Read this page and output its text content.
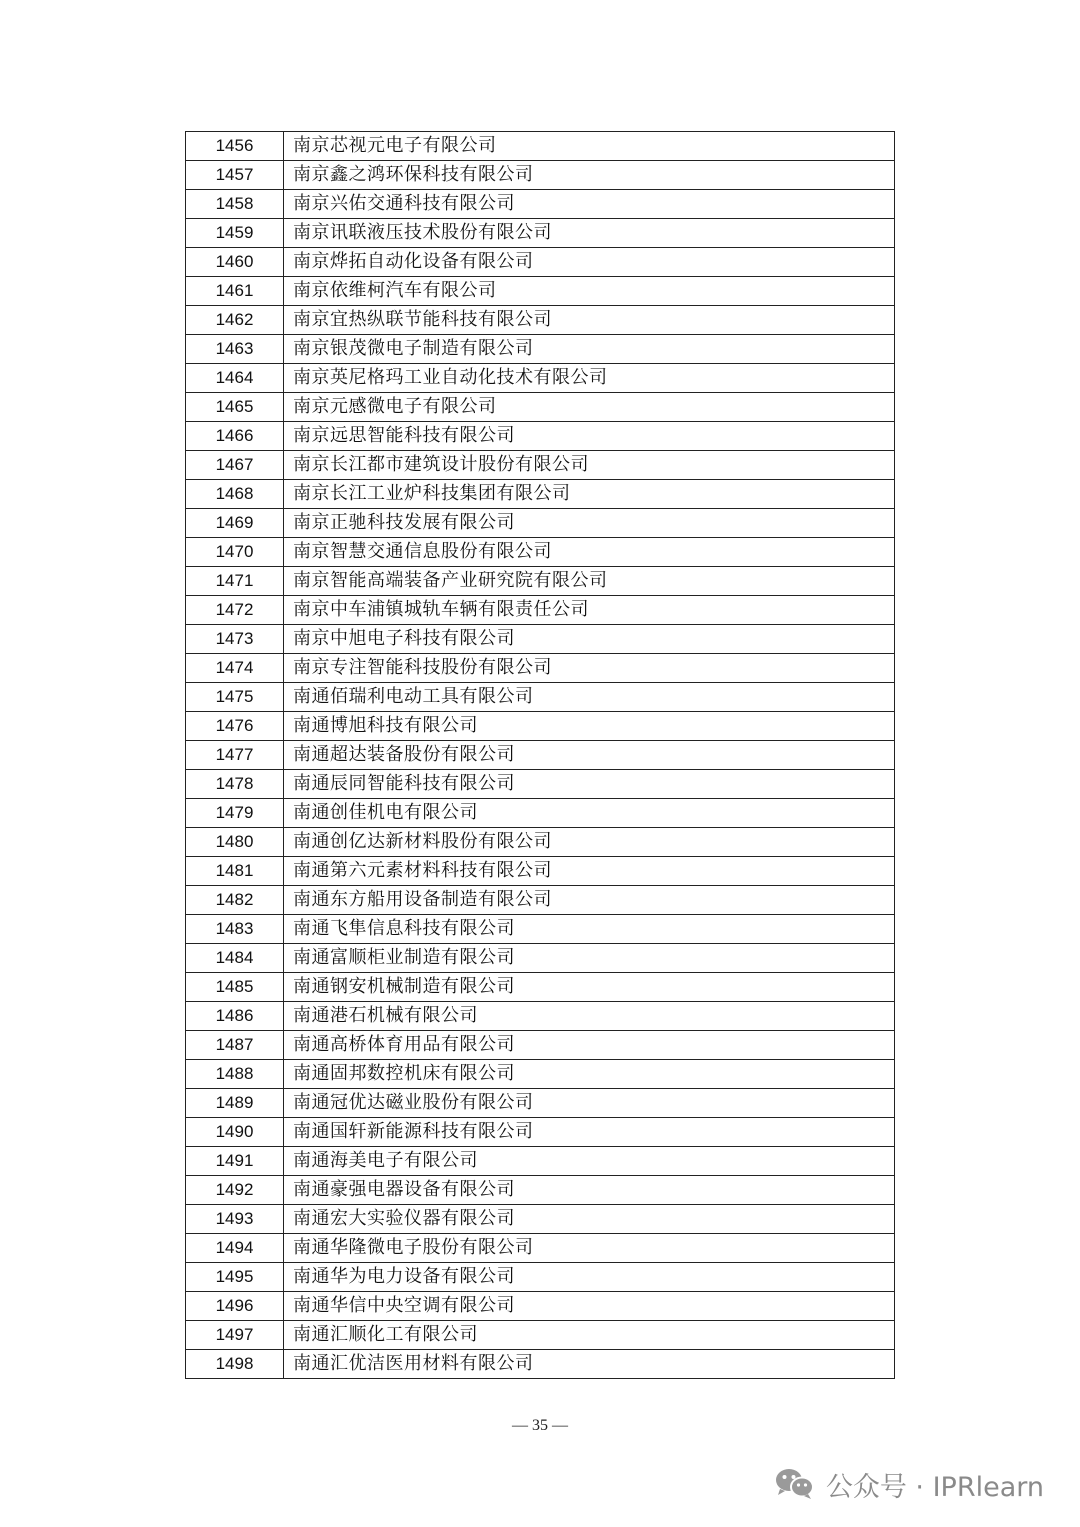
1456	南京芯视元电子有限公司
1457	南京鑫之鸿环保科技有限公司
1458	南京兴佑交通科技有限公司
1459	南京讯联液压技术股份有限公司
1460	南京烨拓自动化设备有限公司
1461	南京依维柯汽车有限公司
1462	南京宜热纵联节能科技有限公司
1463	南京银茂微电子制造有限公司
1464	南京英尼格玛工业自动化技术有限公司
1465	南京元感微电子有限公司
1466	南京远思智能科技有限公司
1467	南京长江都市建筑设计股份有限公司
1468	南京长江工业炉科技集团有限公司
1469	南京正驰科技发展有限公司
1470	南京智慧交通信息股份有限公司
1471	南京智能高端装备产业研究院有限公司
1472	南京中车浦镇城轨车辆有限责任公司
1473	南京中旭电子科技有限公司
1474	南京专注智能科技股份有限公司
1475	南通佰瑞利电动工具有限公司
1476	南通博旭科技有限公司
1477	南通超达装备股份有限公司
1478	南通辰同智能科技有限公司
1479	南通创佳机电有限公司
1480	南通创亿达新材料股份有限公司
1481	南通第六元素材料科技有限公司
1482	南通东方船用设备制造有限公司
1483	南通飞隼信息科技有限公司
1484	南通富顺柜业制造有限公司
1485	南通钢安机械制造有限公司
1486	南通港石机械有限公司
1487	南通高桥体育用品有限公司
1488	南通固邦数控机床有限公司
1489	南通冠优达磁业股份有限公司
1490	南通国轩新能源科技有限公司
1491	南通海美电子有限公司
1492	南通豪强电器设备有限公司
1493	南通宏大实验仪器有限公司
1494	南通华隆微电子股份有限公司
1495	南通华为电力设备有限公司
1496	南通华信中央空调有限公司
1497	南通汇顺化工有限公司
1498	南通汇优洁医用材料有限公司
— 35 —
公众号 · IPRlearn
